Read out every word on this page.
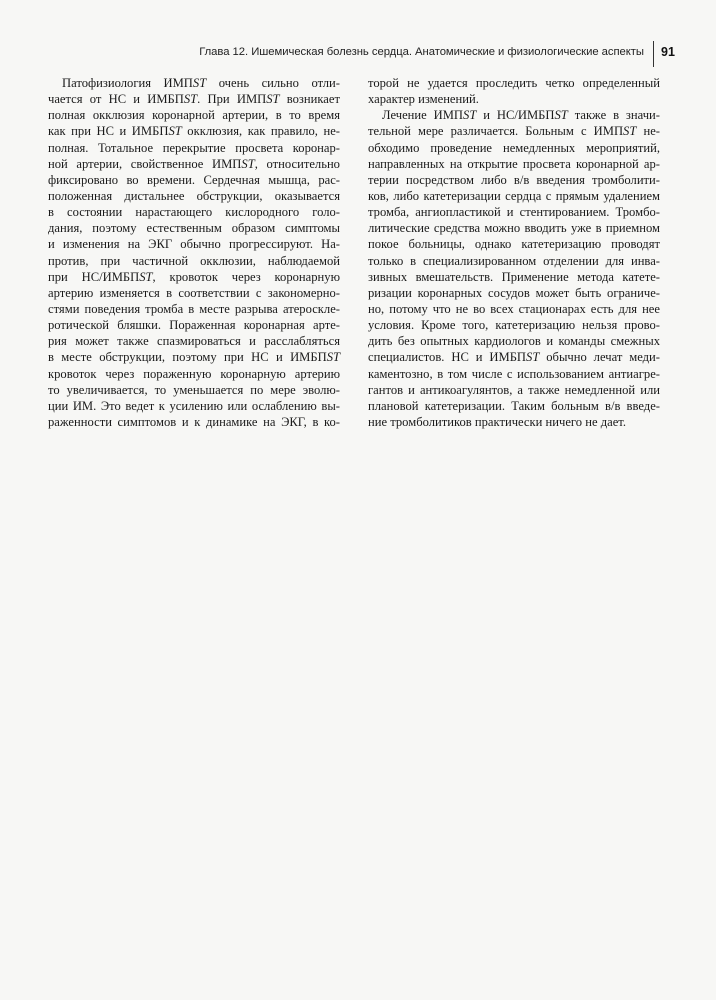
Глава 12. Ишемическая болезнь сердца. Анатомические и физиологические аспекты 91
Патофизиология ИМПST очень сильно отли-
чается от НС и ИМБПST. При ИМПST возникает
полная окклюзия коронарной артерии, в то время
как при НС и ИМБПST окклюзия, как правило, не-
полная. Тотальное перекрытие просвета коронар-
ной артерии, свойственное ИМПST, относительно
фиксировано во времени. Сердечная мышца, рас-
положенная дистальнее обструкции, оказывается
в состоянии нарастающего кислородного голо-
дания, поэтому естественным образом симптомы
и изменения на ЭКГ обычно прогрессируют. На-
против, при частичной окклюзии, наблюдаемой
при НС/ИМБПST, кровоток через коронарную
артерию изменяется в соответствии с закономерно-
стями поведения тромба в месте разрыва атероскле-
ротической бляшки. Пораженная коронарная арте-
рия может также спазмироваться и расслабляться
в месте обструкции, поэтому при НС и ИМБПST
кровоток через пораженную коронарную артерию
то увеличивается, то уменьшается по мере эволю-
ции ИМ. Это ведет к усилению или ослаблению вы-
раженности симптомов и к динамике на ЭКГ, в ко-
торой не удается проследить четко определенный
характер изменений.
Лечение ИМПST и НС/ИМБПST также в значи-
тельной мере различается. Больным с ИМПST не-
обходимо проведение немедленных мероприятий,
направленных на открытие просвета коронарной ар-
терии посредством либо в/в введения тромболити-
ков, либо катетеризации сердца с прямым удалением
тромба, ангиопластикой и стентированием. Тромбо-
литические средства можно вводить уже в приемном
покое больницы, однако катетеризацию проводят
только в специализированном отделении для инва-
зивных вмешательств. Применение метода катете-
ризации коронарных сосудов может быть ограниче-
но, потому что не во всех стационарах есть для нее
условия. Кроме того, катетеризацию нельзя прово-
дить без опытных кардиологов и команды смежных
специалистов. НС и ИМБПST обычно лечат меди-
каментозно, в том числе с использованием антиагре-
гантов и антикоагулянтов, а также немедленной или
плановой катетеризации. Таким больным в/в введе-
ние тромболитиков практически ничего не дает.
